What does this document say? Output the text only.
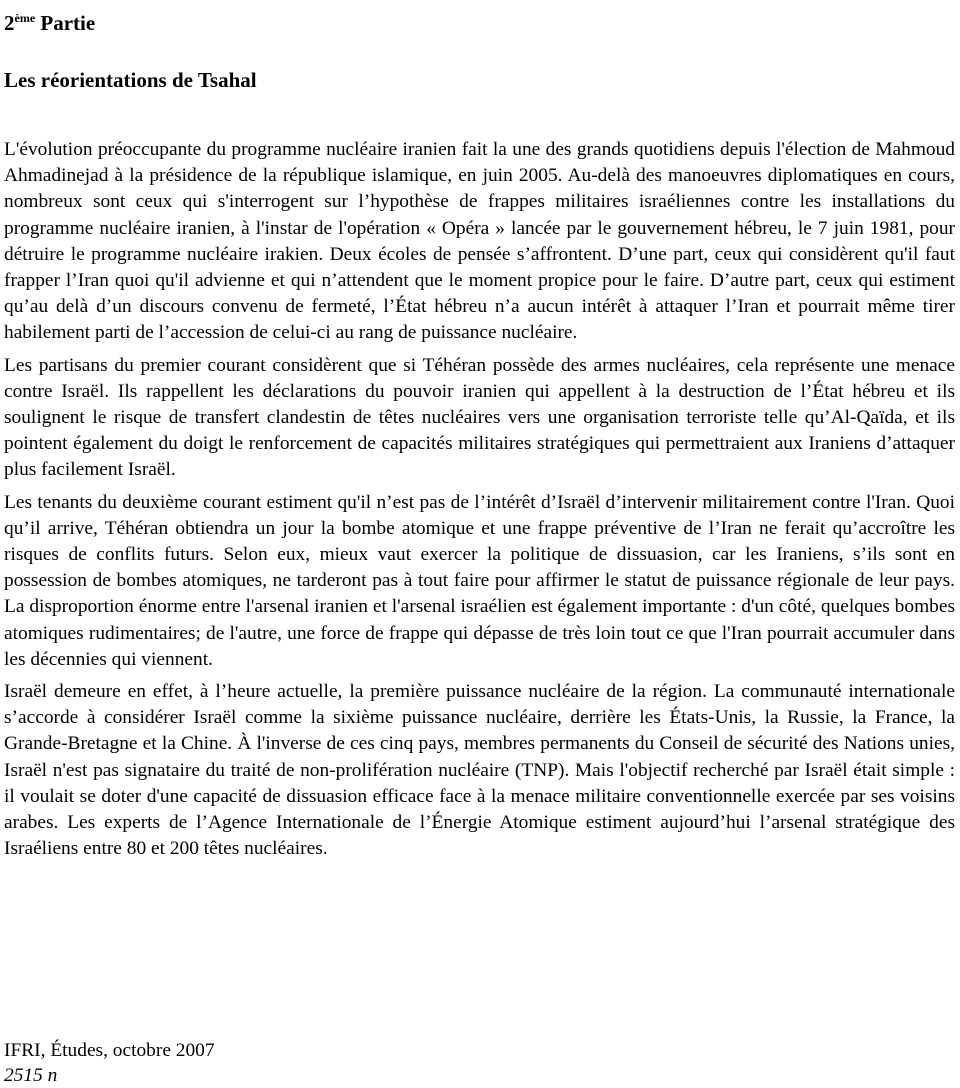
2ème Partie
Les réorientations de Tsahal

L'évolution préoccupante du programme nucléaire iranien fait la une des grands quotidiens depuis l'élection de Mahmoud Ahmadinejad à la présidence de la république islamique, en juin 2005. Au-delà des manoeuvres diplomatiques en cours, nombreux sont ceux qui s'interrogent sur l’hypothèse de frappes militaires israéliennes contre les installations du programme nucléaire iranien, à l'instar de l'opération « Opéra » lancée par le gouvernement hébreu, le 7 juin 1981, pour détruire le programme nucléaire irakien. Deux écoles de pensée s’affrontent. D’une part, ceux qui considèrent qu'il faut frapper l’Iran quoi qu'il advienne et qui n’attendent que le moment propice pour le faire. D’autre part, ceux qui estiment qu’au delà d’un discours convenu de fermeté, l’État hébreu n’a aucun intérêt à attaquer l’Iran et pourrait même tirer habilement parti de l’accession de celui-ci au rang de puissance nucléaire.

Les partisans du premier courant considèrent que si Téhéran possède des armes nucléaires, cela représente une menace contre Israël. Ils rappellent les déclarations du pouvoir iranien qui appellent à la destruction de l’État hébreu et ils soulignent le risque de transfert clandestin de têtes nucléaires vers une organisation terroriste telle qu’Al-Qaïda, et ils pointent également du doigt le renforcement de capacités militaires stratégiques qui permettraient aux Iraniens d’attaquer plus facilement Israël.

Les tenants du deuxième courant estiment qu'il n’est pas de l’intérêt d’Israël d’intervenir militairement contre l'Iran. Quoi qu’il arrive, Téhéran obtiendra un jour la bombe atomique et une frappe préventive de l’Iran ne ferait qu’accroître les risques de conflits futurs. Selon eux, mieux vaut exercer la politique de dissuasion, car les Iraniens, s’ils sont en possession de bombes atomiques, ne tarderont pas à tout faire pour affirmer le statut de puissance régionale de leur pays. La disproportion énorme entre l'arsenal iranien et l'arsenal israélien est également importante : d'un côté, quelques bombes atomiques rudimentaires; de l'autre, une force de frappe qui dépasse de très loin tout ce que l'Iran pourrait accumuler dans les décennies qui viennent.

Israël demeure en effet, à l’heure actuelle, la première puissance nucléaire de la région. La communauté internationale s’accorde à considérer Israël comme la sixième puissance nucléaire, derrière les États-Unis, la Russie, la France, la Grande-Bretagne et la Chine. À l'inverse de ces cinq pays, membres permanents du Conseil de sécurité des Nations unies, Israël n'est pas signataire du traité de non-prolifération nucléaire (TNP). Mais l'objectif recherché par Israël était simple : il voulait se doter d'une capacité de dissuasion efficace face à la menace militaire conventionnelle exercée par ses voisins arabes. Les experts de l’Agence Internationale de l’Énergie Atomique estiment aujourd’hui l’arsenal stratégique des Israéliens entre 80 et 200 têtes nucléaires.

IFRI, Études, octobre 2007
2515 n
